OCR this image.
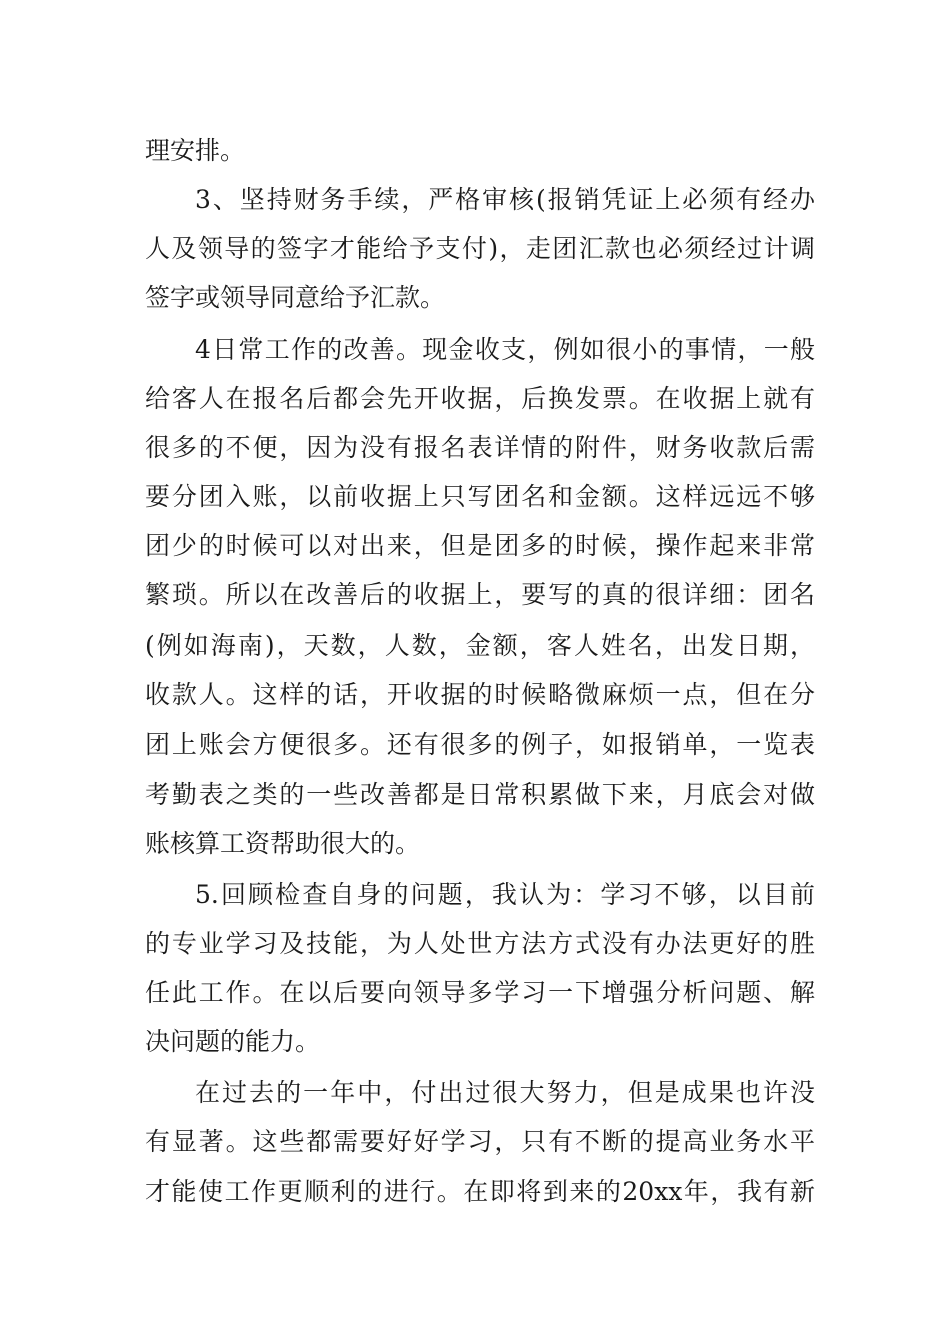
理安排。

3、坚持财务手续，严格审核(报销凭证上必须有经办

人及领导的签字才能给予支付)，走团汇款也必须经过计调

签字或领导同意给予汇款。

4日常工作的改善。现金收支，例如很小的事情，一般

给客人在报名后都会先开收据，后换发票。在收据上就有

很多的不便，因为没有报名表详情的附件，财务收款后需

要分团入账，以前收据上只写团名和金额。这样远远不够

团少的时候可以对出来，但是团多的时候，操作起来非常

繁琐。所以在改善后的收据上，要写的真的很详细：团名

(例如海南)，天数，人数，金额，客人姓名，出发日期，

收款人。这样的话，开收据的时候略微麻烦一点，但在分

团上账会方便很多。还有很多的例子，如报销单，一览表

考勤表之类的一些改善都是日常积累做下来，月底会对做

账核算工资帮助很大的。

5.回顾检查自身的问题，我认为：学习不够，以目前

的专业学习及技能，为人处世方法方式没有办法更好的胜

任此工作。在以后要向领导多学习一下增强分析问题、解

决问题的能力。

在过去的一年中，付出过很大努力，但是成果也许没

有显著。这些都需要好好学习，只有不断的提高业务水平

才能使工作更顺利的进行。在即将到来的20xx年，我有新
